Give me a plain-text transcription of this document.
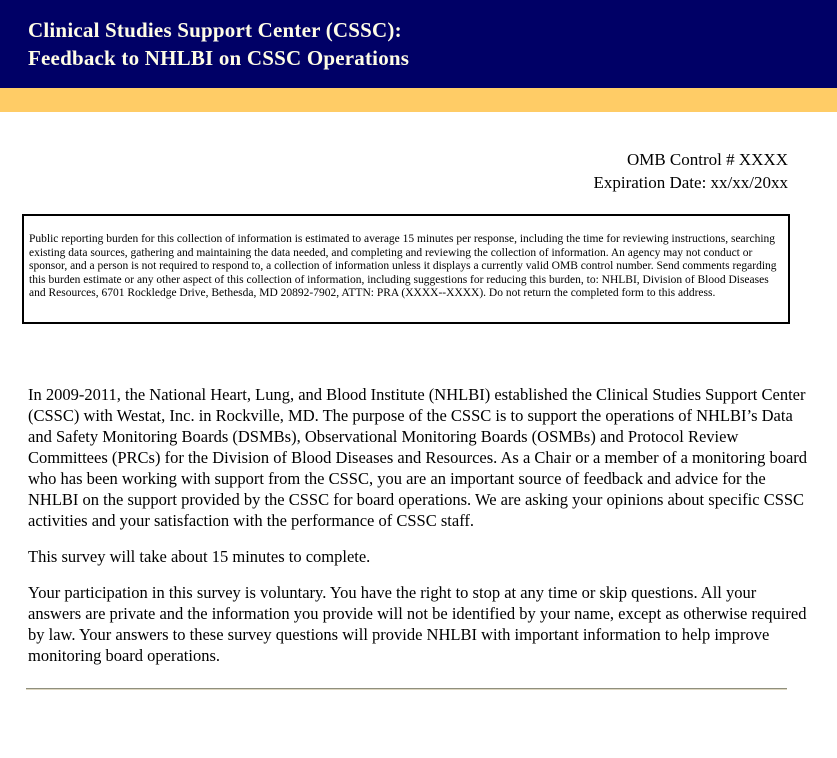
Clinical Studies Support Center (CSSC):
Feedback to NHLBI on CSSC Operations
OMB Control # XXXX
Expiration Date: xx/xx/20xx
Public reporting burden for this collection of information is estimated to average 15 minutes per response, including the time for reviewing instructions, searching existing data sources, gathering and maintaining the data needed, and completing and reviewing the collection of information. An agency may not conduct or sponsor, and a person is not required to respond to, a collection of information unless it displays a currently valid OMB control number. Send comments regarding this burden estimate or any other aspect of this collection of information, including suggestions for reducing this burden, to: NHLBI, Division of Blood Diseases and Resources, 6701 Rockledge Drive, Bethesda, MD 20892-7902, ATTN: PRA (XXXX--XXXX). Do not return the completed form to this address.

In 2009-2011, the National Heart, Lung, and Blood Institute (NHLBI) established the Clinical Studies Support Center (CSSC) with Westat, Inc. in Rockville, MD. The purpose of the CSSC is to support the operations of NHLBI’s Data and Safety Monitoring Boards (DSMBs), Observational Monitoring Boards (OSMBs) and Protocol Review Committees (PRCs) for the Division of Blood Diseases and Resources. As a Chair or a member of a monitoring board who has been working with support from the CSSC, you are an important source of feedback and advice for the NHLBI on the support provided by the CSSC for board operations. We are asking your opinions about specific CSSC activities and your satisfaction with the performance of CSSC staff.

This survey will take about 15 minutes to complete.

Your participation in this survey is voluntary. You have the right to stop at any time or skip questions. All your answers are private and the information you provide will not be identified by your name, except as otherwise required by law. Your answers to these survey questions will provide NHLBI with important information to help improve monitoring board operations.
